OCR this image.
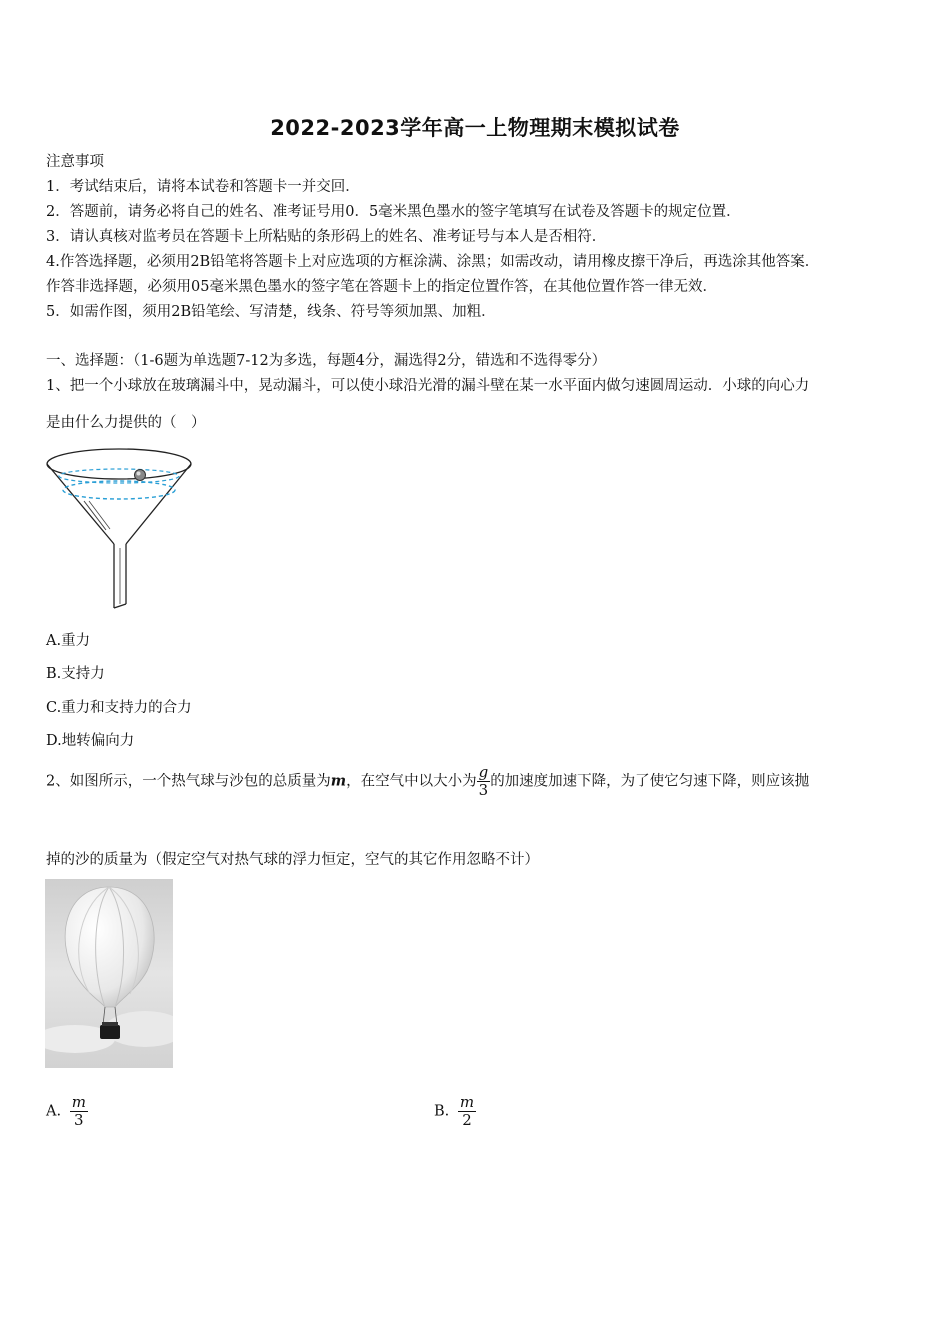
2022-2023学年高一上物理期末模拟试卷
注意事项
1．考试结束后，请将本试卷和答题卡一并交回．
2．答题前，请务必将自己的姓名、准考证号用0．5毫米黑色墨水的签字笔填写在试卷及答题卡的规定位置．
3．请认真核对监考员在答题卡上所粘贴的条形码上的姓名、准考证号与本人是否相符．
4.作答选择题，必须用2B铅笔将答题卡上对应选项的方框涂满、涂黑；如需改动，请用橡皮擦干净后，再选涂其他答案．
作答非选择题，必须用05毫米黑色墨水的签字笔在答题卡上的指定位置作答，在其他位置作答一律无效．
5．如需作图，须用2B铅笔绘、写清楚，线条、符号等须加黑、加粗．
一、选择题：（1-6题为单选题7-12为多选，每题4分，漏选得2分，错选和不选得零分）
1、把一个小球放在玻璃漏斗中，晃动漏斗，可以使小球沿光滑的漏斗壁在某一水平面内做匀速圆周运动．小球的向心力
是由什么力提供的（　）
A.重力
B.支持力
C.重力和支持力的合力
D.地转偏向力
2、如图所示，一个热气球与沙包的总质量为m，在空气中以大小为 $\frac{g}{3}$ 的加速度加速下降，为了使它匀速下降，则应该抛
掉的沙的质量为（假定空气对热气球的浮力恒定，空气的其它作用忽略不计）
A. $\frac{m}{3}$	B. $\frac{m}{2}$
